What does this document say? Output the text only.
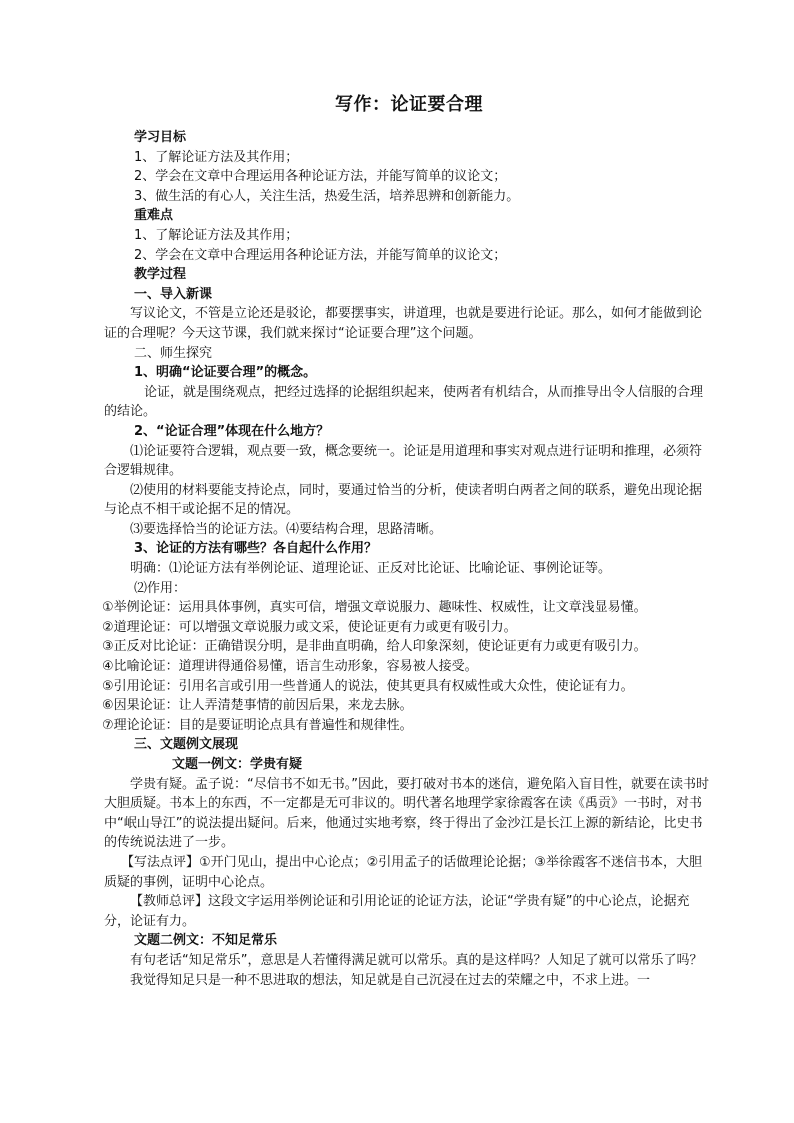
写作：论证要合理

学习目标

1、了解论证方法及其作用；

2、学会在文章中合理运用各种论证方法，并能写简单的议论文；

3、做生活的有心人，关注生活，热爱生活，培养思辨和创新能力。

重难点

1、了解论证方法及其作用；

2、学会在文章中合理运用各种论证方法，并能写简单的议论文；

教学过程

一、导入新课

写议论文，不管是立论还是驳论，都要摆事实，讲道理，也就是要进行论证。那么，如何才能做到论证的合理呢？今天这节课，我们就来探讨“论证要合理”这个问题。

二、师生探究

1、明确“论证要合理”的概念。

论证，就是围绕观点，把经过选择的论据组织起来，使两者有机结合，从而推导出令人信服的合理的结论。

2、“论证合理”体现在什么地方？

⑴论证要符合逻辑，观点要一致，概念要统一。论证是用道理和事实对观点进行证明和推理，必须符合逻辑规律。

⑵使用的材料要能支持论点，同时，要通过恰当的分析，使读者明白两者之间的联系，避免出现论据与论点不相干或论据不足的情况。

⑶要选择恰当的论证方法。⑷要结构合理，思路清晰。

3、论证的方法有哪些？各自起什么作用？

明确：⑴论证方法有举例论证、道理论证、正反对比论证、比喻论证、事例论证等。

⑵作用：

①举例论证：运用具体事例，真实可信，增强文章说服力、趣味性、权威性，让文章浅显易懂。

②道理论证：可以增强文章说服力或文采，使论证更有力或更有吸引力。

③正反对比论证：正确错误分明，是非曲直明确，给人印象深刻，使论证更有力或更有吸引力。

④比喻论证：道理讲得通俗易懂，语言生动形象，容易被人接受。

⑤引用论证：引用名言或引用一些普通人的说法，使其更具有权威性或大众性，使论证有力。

⑥因果论证：让人弄清楚事情的前因后果，来龙去脉。

⑦理论论证：目的是要证明论点具有普遍性和规律性。

三、文题例文展现

文题一例文：学贵有疑

学贵有疑。孟子说：“尽信书不如无书。”因此，要打破对书本的迷信，避免陷入盲目性，就要在读书时大胆质疑。书本上的东西，不一定都是无可非议的。明代著名地理学家徐霞客在读《禹贡》一书时，对书中“岷山导江”的说法提出疑问。后来，他通过实地考察，终于得出了金沙江是长江上源的新结论，比史书的传统说法进了一步。

【写法点评】①开门见山，提出中心论点；②引用孟子的话做理论论据；③举徐霞客不迷信书本，大胆质疑的事例，证明中心论点。

【教师总评】这段文字运用举例论证和引用论证的论证方法，论证“学贵有疑”的中心论点，论据充分，论证有力。

文题二例文：不知足常乐

有句老话“知足常乐”，意思是人若懂得满足就可以常乐。真的是这样吗？人知足了就可以常乐了吗？

我觉得知足只是一种不思进取的想法，知足就是自己沉浸在过去的荣耀之中，不求上进。一
